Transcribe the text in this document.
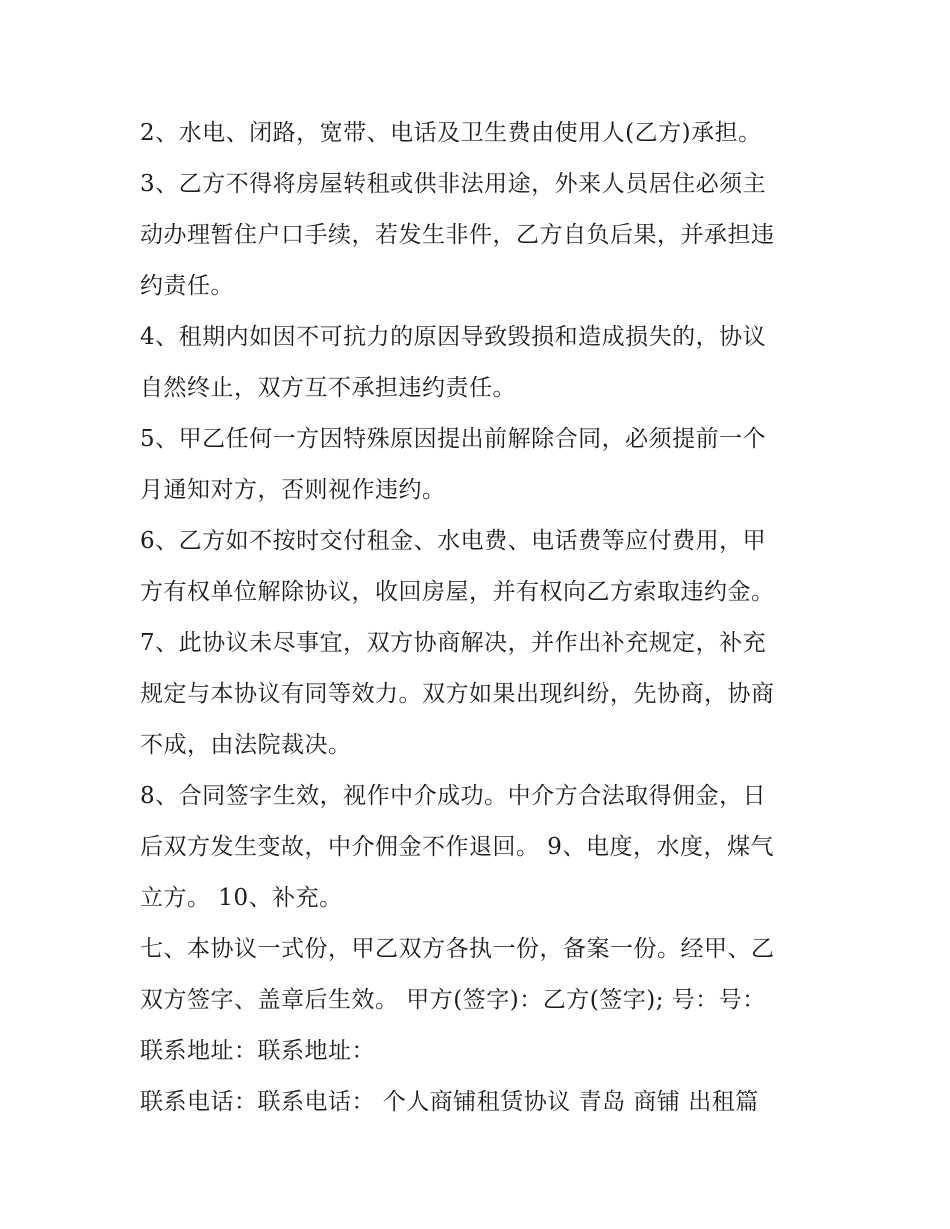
2、水电、闭路，宽带、电话及卫生费由使用人(乙方)承担。
3、乙方不得将房屋转租或供非法用途，外来人员居住必须主
动办理暂住户口手续，若发生非件，乙方自负后果，并承担违
约责任。
4、租期内如因不可抗力的原因导致毁损和造成损失的，协议
自然终止，双方互不承担违约责任。
5、甲乙任何一方因特殊原因提出前解除合同，必须提前一个
月通知对方，否则视作违约。
6、乙方如不按时交付租金、水电费、电话费等应付费用，甲
方有权单位解除协议，收回房屋，并有权向乙方索取违约金。
7、此协议未尽事宜，双方协商解决，并作出补充规定，补充
规定与本协议有同等效力。双方如果出现纠纷，先协商，协商
不成，由法院裁决。
8、合同签字生效，视作中介成功。中介方合法取得佣金，日
后双方发生变故，中介佣金不作退回。 9、电度，水度，煤气
立方。 10、补充。
七、本协议一式份，甲乙双方各执一份，备案一份。经甲、乙
双方签字、盖章后生效。 甲方(签字)：乙方(签字); 号：号：
联系地址：联系地址：
联系电话：联系电话： 个人商铺租赁协议 青岛 商铺 出租篇
